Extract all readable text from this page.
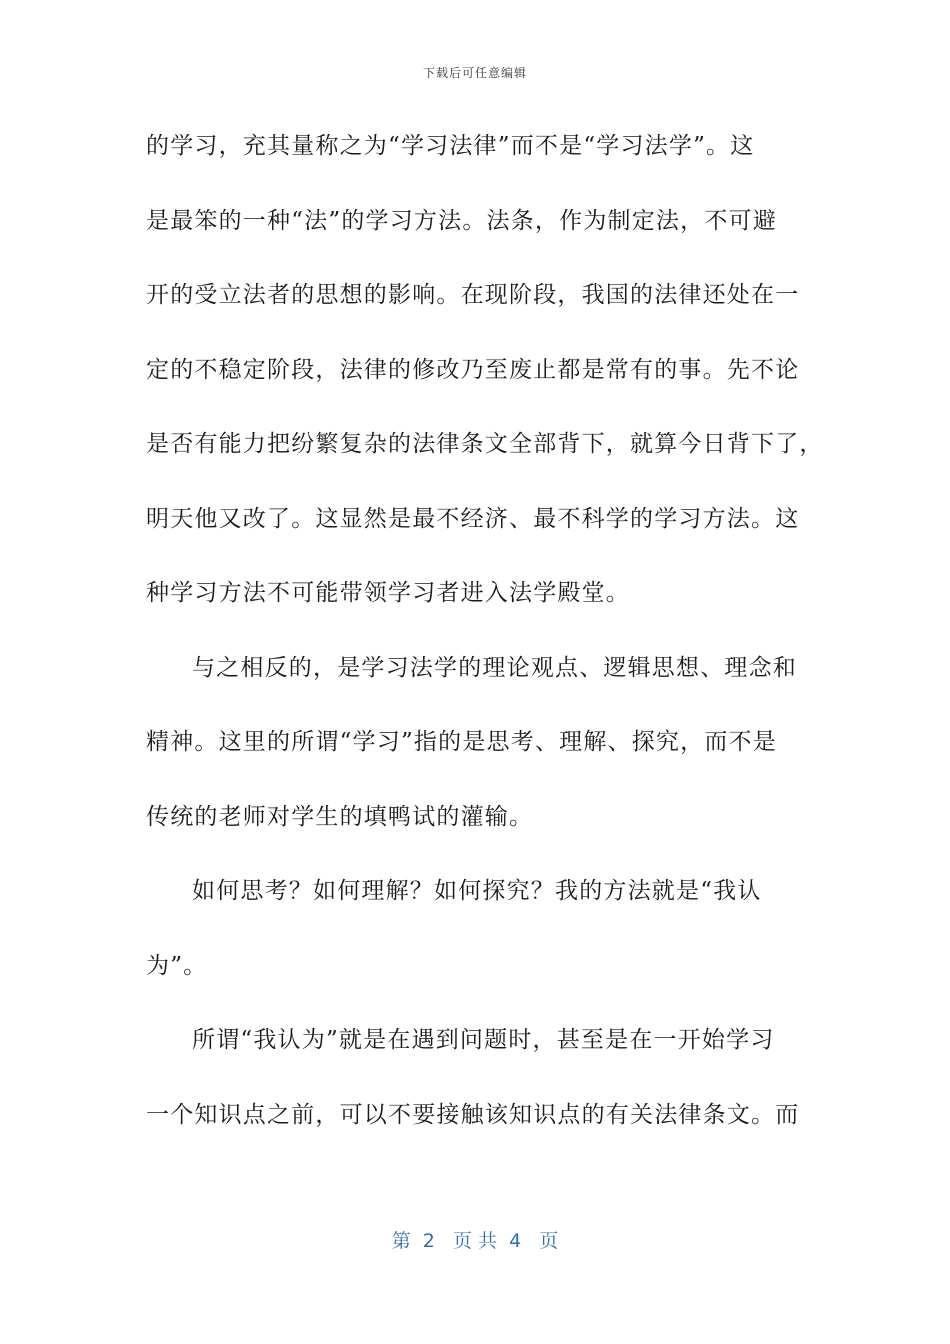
下载后可任意编辑
的学习，充其量称之为“学习法律”而不是“学习法学”。这
是最笨的一种“法”的学习方法。法条，作为制定法，不可避
开的受立法者的思想的影响。在现阶段，我国的法律还处在一
定的不稳定阶段，法律的修改乃至废止都是常有的事。先不论
是否有能力把纷繁复杂的法律条文全部背下，就算今日背下了，
明天他又改了。这显然是最不经济、最不科学的学习方法。这
种学习方法不可能带领学习者进入法学殿堂。
与之相反的，是学习法学的理论观点、逻辑思想、理念和
精神。这里的所谓“学习”指的是思考、理解、探究，而不是
传统的老师对学生的填鸭试的灌输。
如何思考？如何理解？如何探究？我的方法就是“我认
为”。
所谓“我认为”就是在遇到问题时，甚至是在一开始学习
一个知识点之前，可以不要接触该知识点的有关法律条文。而
第  2   页 共  4   页
